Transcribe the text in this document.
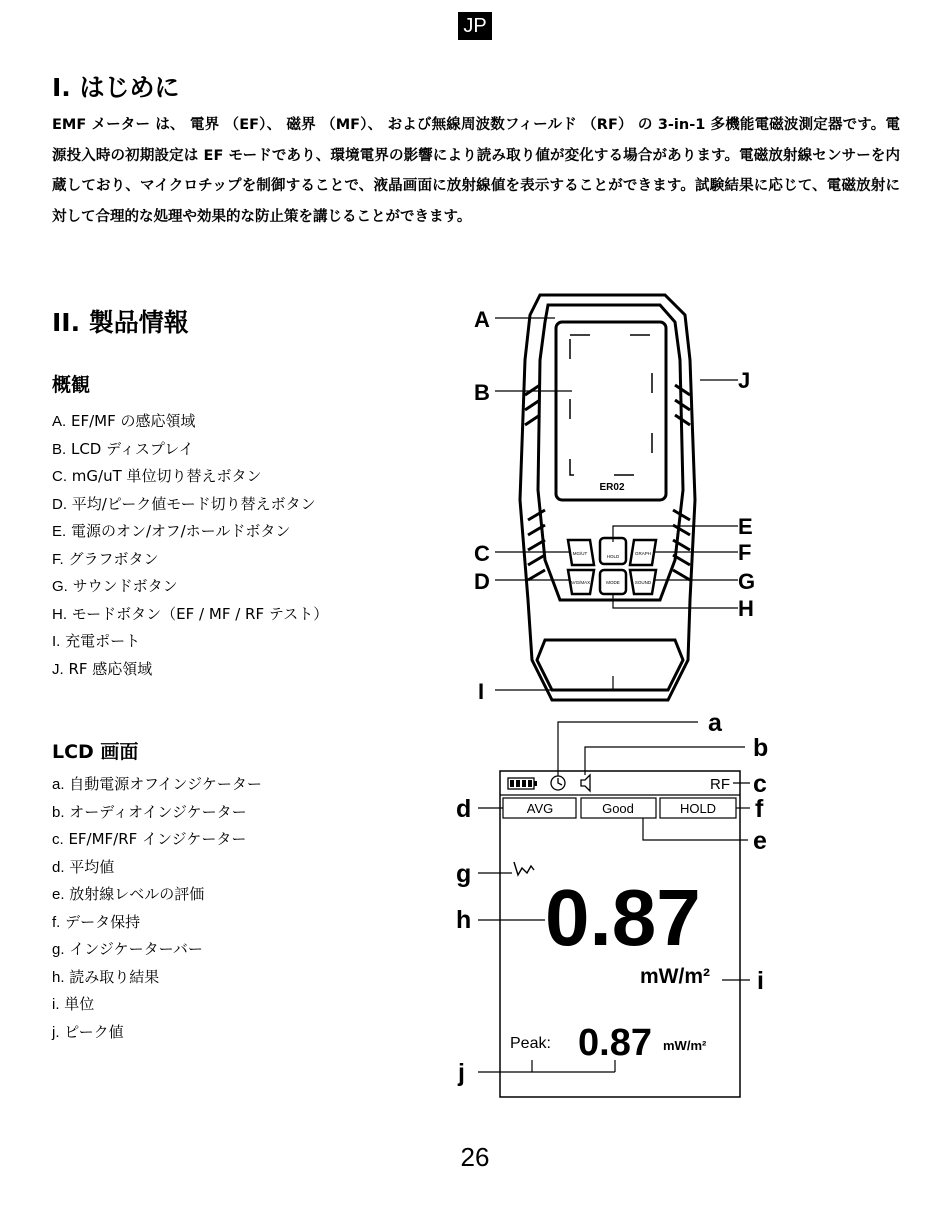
JP
I. はじめに

EMF メーター は、 電界 （EF）、 磁界 （MF）、 および無線周波数フィールド （RF） の 3-in-1 多機能電磁波測定器です。電源投入時の初期設定は EF モードであり、環境電界の影響により読み取り値が変化する場合があります。電磁放射線センサーを内蔵しており、マイクロチップを制御することで、液晶画面に放射線値を表示することができます。試験結果に応じて、電磁放射に対して合理的な処理や効果的な防止策を講じることができます。

II. 製品情報
概観
A. EF/MF の感応領域
B. LCD ディスプレイ
C. mG/uT 単位切り替えボタン
D. 平均/ピーク値モード切り替えボタン
E. 電源のオン/オフ/ホールドボタン
F. グラフボタン
G. サウンドボタン
H. モードボタン（EF / MF / RF テスト）
I. 充電ポート
J. RF 感応領域
LCD 画面
a. 自動電源オフインジケーター
b. オーディオインジケーター
c. EF/MF/RF インジケーター
d. 平均値
e. 放射線レベルの評価
f. データ保持
g. インジケーターバー
h. 読み取り結果
i. 単位
j. ピーク値
ER02
MG/UT
HOLD
GRAPH
AVG/MAX	MODE	SOUND
A
B	J
E
C	F
D	G
H
I
RF
AVG	Good	HOLD
0.87
mW/m²
Peak: 0.87 mW/m²
a
b
c
d	f
e
g
h
i
j
26
